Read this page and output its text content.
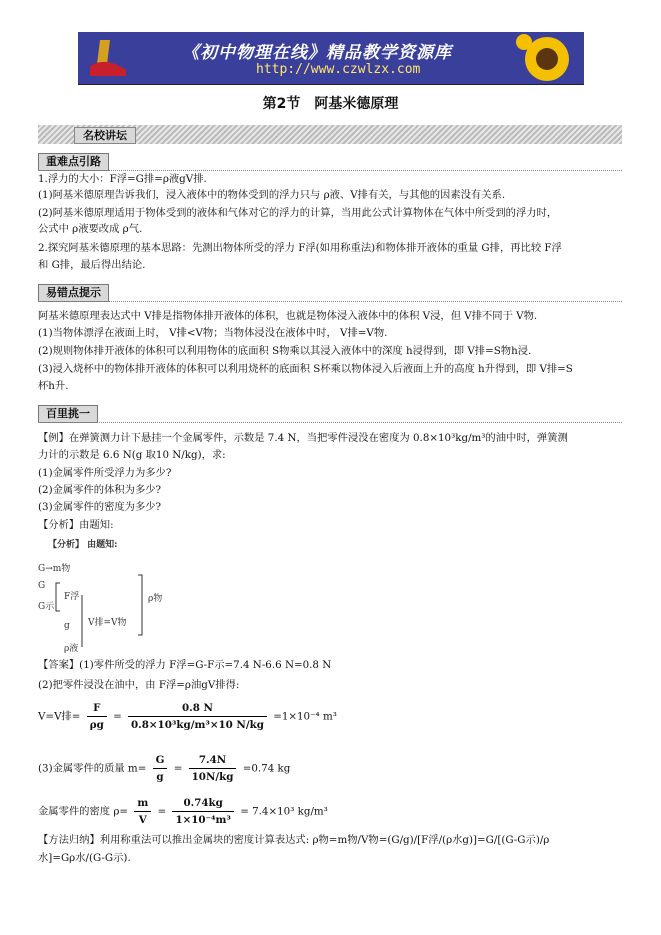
《初中物理在线》精品教学资源库
http://www.czwlzx.com
第2节　阿基米德原理
名校讲坛
重难点引路
1.浮力的大小：F浮=G排=ρ液gV排.
(1)阿基米德原理告诉我们，浸入液体中的物体受到的浮力只与 ρ液、V排有关，与其他的因素没有关系.
(2)阿基米德原理适用于物体受到的液体和气体对它的浮力的计算，当用此公式计算物体在气体中所受到的浮力时，
公式中 ρ液要改成 ρ气.
2.探究阿基米德原理的基本思路：先测出物体所受的浮力 F浮(如用称重法)和物体排开液体的重量 G排，再比较 F浮
和 G排，最后得出结论.
易错点提示
阿基米德原理表达式中 V排是指物体排开液体的体积，也就是物体浸入液体中的体积 V浸，但 V排不同于 V物.
(1)当物体漂浮在液面上时， V排<V物；当物体浸没在液体中时， V排=V物.
(2)规则物体排开液体的体积可以利用物体的底面积 S物乘以其浸入液体中的深度 h浸得到，即 V排=S物h浸.
(3)浸入烧杯中的物体排开液体的体积可以利用烧杯的底面积 S杯乘以物体浸入后液面上升的高度 h升得到，即 V排=S
杯h升.
百里挑一
【例】在弹簧测力计下悬挂一个金属零件，示数是 7.4 N，当把零件浸没在密度为 0.8×10³kg/m³的油中时，弹簧测
力计的示数是 6.6 N(g 取10 N/kg)，求:
(1)金属零件所受浮力为多少?
(2)金属零件的体积为多少?
(3)金属零件的密度为多少?
【分析】由题知:
【分析】 由题知:
G→m物
G
G示
F浮
g V排=V物
ρ物
ρ液
【答案】(1)零件所受的浮力 F浮=G-F示=7.4 N-6.6 N=0.8 N
(2)把零件浸没在油中，由 F浮=ρ油gV排得:
V=V排= $\frac{F}{\rho g} = \frac{0.8 N}{\text{0.8×10³kg/m³×10 N/kg}} =1\times 10^{-4}$ m³
(3)金属零件的质量 $m= \frac{G}{g} = \frac{7.4N}{10N/kg} =0.74$ kg
金属零件的密度 $\rho= \frac{m}{V} = \frac{0.74kg}{\text{1×10⁻⁴m³}} = 7.4\times 10^3$ kg/m³
【方法归纳】利用称重法可以推出金属块的密度计算表达式: ρ物=m物/V物=(G/g)/[F浮/(ρ水g)]=G/[(G-G示)/ρ
水]=Gρ水/(G-G示).
